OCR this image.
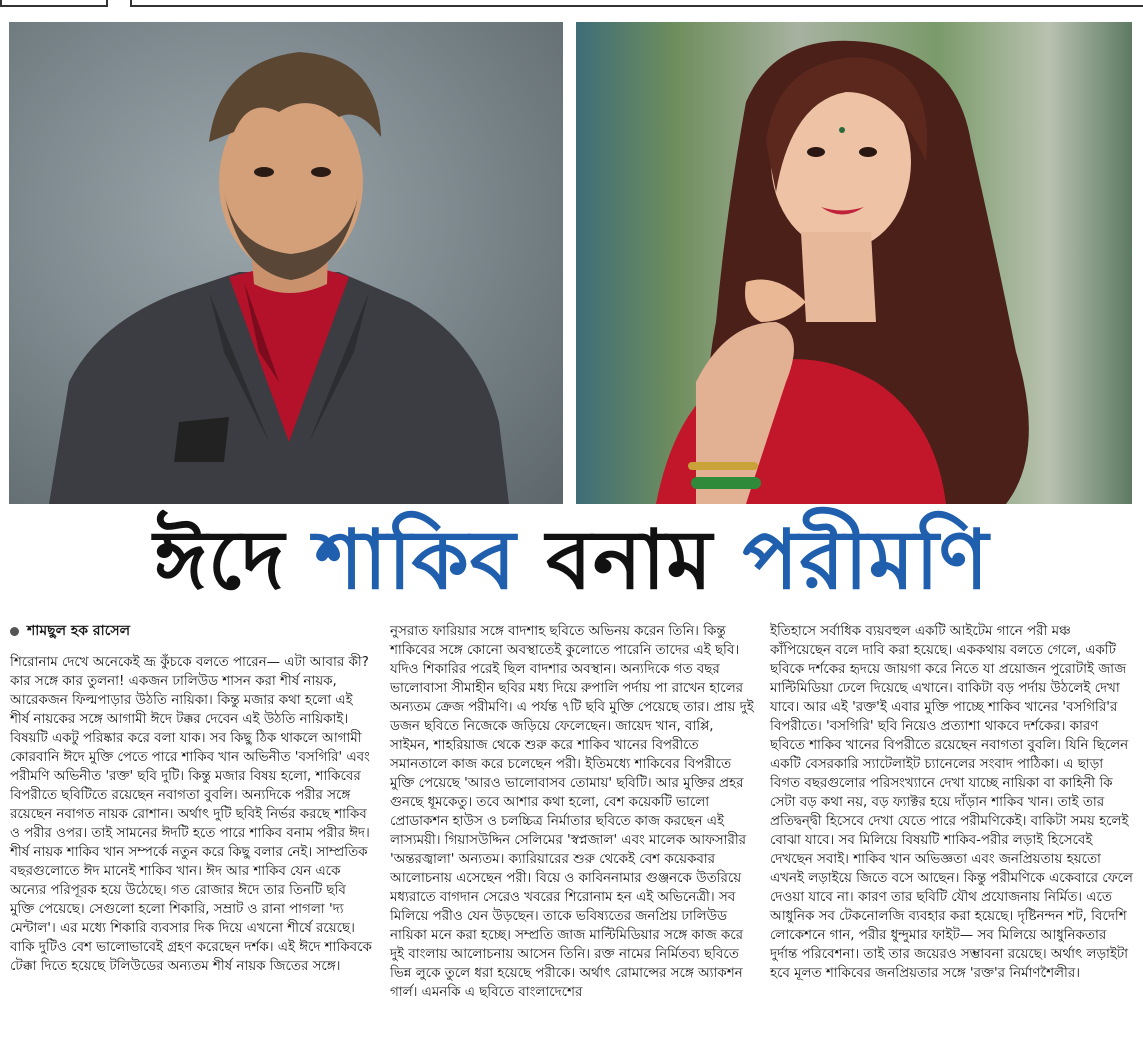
ঈদে শাকিব বনাম পরীমণি
শামছুল হক রাসেল

শিরোনাম দেখে অনেকেই ভ্রূ কুঁচকে বলতে পারেন— এটা আবার কী? কার সঙ্গে কার তুলনা! একজন ঢালিউড শাসন করা শীর্ষ নায়ক, আরেকজন ফিল্মপাড়ার উঠতি নায়িকা। কিন্তু মজার কথা হলো এই শীর্ষ নায়কের সঙ্গে আগামী ঈদে টক্কর দেবেন এই উঠতি নায়িকাই।

বিষয়টি একটু পরিষ্কার করে বলা যাক। সব কিছু ঠিক থাকলে আগামী কোরবানি ঈদে মুক্তি পেতে পারে শাকিব খান অভিনীত 'বসগিরি' এবং পরীমণি অভিনীত 'রক্ত' ছবি দুটি। কিন্তু মজার বিষয় হলো, শাকিবের বিপরীতে ছবিটিতে রয়েছেন নবাগতা বুবলি। অন্যদিকে পরীর সঙ্গে রয়েছেন নবাগত নায়ক রোশান। অর্থাৎ দুটি ছবিই নির্ভর করছে শাকিব ও পরীর ওপর। তাই সামনের ঈদটি হতে পারে শাকিব বনাম পরীর ঈদ।

শীর্ষ নায়ক শাকিব খান সম্পর্কে নতুন করে কিছু বলার নেই। সাম্প্রতিক বছরগুলোতে ঈদ মানেই শাকিব খান। ঈদ আর শাকিব যেন একে অন্যের পরিপূরক হয়ে উঠেছে। গত রোজার ঈদে তার তিনটি ছবি মুক্তি পেয়েছে। সেগুলো হলো শিকারি, সম্রাট ও রানা পাগলা 'দ্য মেন্টাল'। এর মধ্যে শিকারি ব্যবসার দিক দিয়ে এখনো শীর্ষে রয়েছে। বাকি দুটিও বেশ ভালোভাবেই গ্রহণ করেছেন দর্শক। এই ঈদে শাকিবকে টেক্কা দিতে হয়েছে টলিউডের অন্যতম শীর্ষ নায়ক জিতের সঙ্গে।

নুসরাত ফারিয়ার সঙ্গে বাদশাহ ছবিতে অভিনয় করেন তিনি। কিন্তু শাকিবের সঙ্গে কোনো অবস্থাতেই কুলোতে পারেনি তাদের এই ছবি। যদিও শিকারির পরেই ছিল বাদশার অবস্থান। অন্যদিকে গত বছর ভালোবাসা সীমাহীন ছবির মধ্য দিয়ে রুপালি পর্দায় পা রাখেন হালের অন্যতম ক্রেজ পরীমণি। এ পর্যন্ত ৭টি ছবি মুক্তি পেয়েছে তার। প্রায় দুই ডজন ছবিতে নিজেকে জড়িয়ে ফেলেছেন। জায়েদ খান, বাপ্পি, সাইমন, শাহরিয়াজ থেকে শুরু করে শাকিব খানের বিপরীতে সমানতালে কাজ করে চলেছেন পরী। ইতিমধ্যে শাকিবের বিপরীতে মুক্তি পেয়েছে 'আরও ভালোবাসব তোমায়' ছবিটি। আর মুক্তির প্রহর গুনছে ধূমকেতু। তবে আশার কথা হলো, বেশ কয়েকটি ভালো প্রোডাকশন হাউস ও চলচ্চিত্র নির্মাতার ছবিতে কাজ করছেন এই লাস্যময়ী। গিয়াসউদ্দিন সেলিমের 'স্বপ্নজাল' এবং মালেক আফসারীর 'অন্তরজ্বালা' অন্যতম। ক্যারিয়ারের শুরু থেকেই বেশ কয়েকবার আলোচনায় এসেছেন পরী। বিয়ে ও কাবিননামার গুঞ্জনকে উতরিয়ে মধ্যরাতে বাগদান সেরেও খবরের শিরোনাম হন এই অভিনেত্রী। সব মিলিয়ে পরীও যেন উড়ছেন। তাকে ভবিষ্যতের জনপ্রিয় ঢালিউড নায়িকা মনে করা হচ্ছে। সম্প্রতি জাজ মাল্টিমিডিয়ার সঙ্গে কাজ করে দুই বাংলায় আলোচনায় আসেন তিনি। রক্ত নামের নির্মিতব্য ছবিতে ভিন্ন লুকে তুলে ধরা হয়েছে পরীকে। অর্থাৎ রোমান্সের সঙ্গে অ্যাকশন গার্ল। এমনকি এ ছবিতে বাংলাদেশের

ইতিহাসে সর্বাধিক ব্যয়বহুল একটি আইটেম গানে পরী মঞ্চ কাঁপিয়েছেন বলে দাবি করা হয়েছে। এককথায় বলতে গেলে, একটি ছবিকে দর্শকের হৃদয়ে জায়গা করে নিতে যা প্রয়োজন পুরোটাই জাজ মাল্টিমিডিয়া ঢেলে দিয়েছে এখানে। বাকিটা বড় পর্দায় উঠলেই দেখা যাবে। আর এই 'রক্ত'ই এবার মুক্তি পাচ্ছে শাকিব খানের 'বসগিরি'র বিপরীতে। 'বসগিরি' ছবি নিয়েও প্রত্যাশা থাকবে দর্শকের। কারণ ছবিতে শাকিব খানের বিপরীতে রয়েছেন নবাগতা বুবলি। যিনি ছিলেন একটি বেসরকারি স্যাটেলাইট চ্যানেলের সংবাদ পাঠিকা। এ ছাড়া বিগত বছরগুলোর পরিসংখ্যানে দেখা যাচ্ছে নায়িকা বা কাহিনী কি সেটা বড় কথা নয়, বড় ফ্যাক্টর হয়ে দাঁড়ান শাকিব খান। তাই তার প্রতিদ্বন্দ্বী হিসেবে দেখা যেতে পারে পরীমণিকেই। বাকিটা সময় হলেই বোঝা যাবে। সব মিলিয়ে বিষয়টি শাকিব-পরীর লড়াই হিসেবেই দেখছেন সবাই। শাকিব খান অভিজ্ঞতা এবং জনপ্রিয়তায় হয়তো এখনই লড়াইয়ে জিতে বসে আছেন। কিন্তু পরীমণিকে একেবারে ফেলে দেওয়া যাবে না। কারণ তার ছবিটি যৌথ প্রযোজনায় নির্মিত। এতে আধুনিক সব টেকনোলজি ব্যবহার করা হয়েছে। দৃষ্টিনন্দন শট, বিদেশি লোকেশনে গান, পরীর ধুন্দুমার ফাইট— সব মিলিয়ে আধুনিকতার দুর্দান্ত পরিবেশনা। তাই তার জয়েরও সম্ভাবনা রয়েছে। অর্থাৎ লড়াইটা হবে মূলত শাকিবের জনপ্রিয়তার সঙ্গে 'রক্ত'র নির্মাণশৈলীর।
